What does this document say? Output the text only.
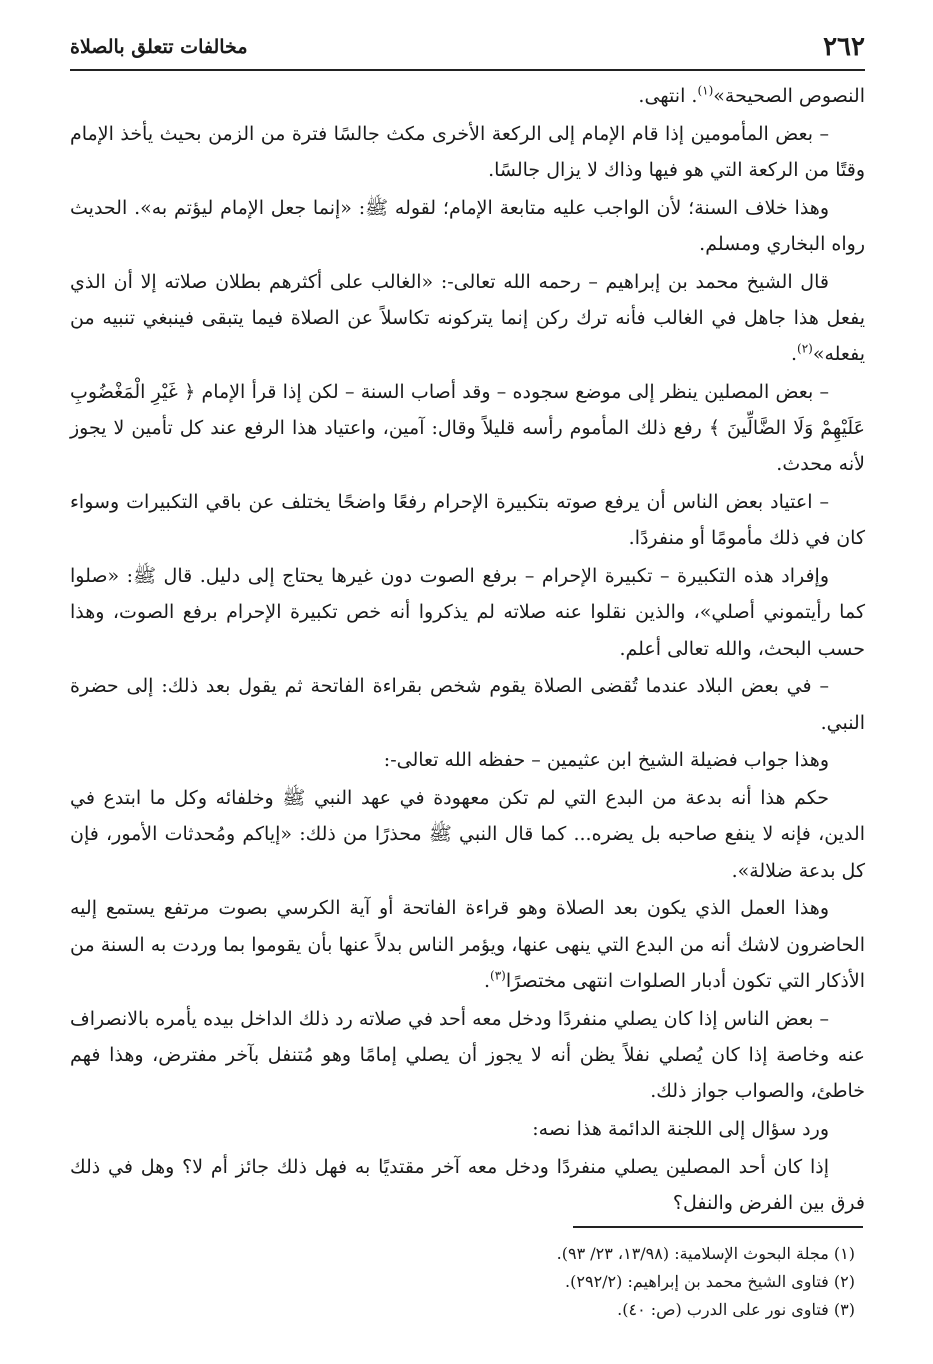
٢٦٢
مخالفات تتعلق بالصلاة

النصوص الصحيحة»$^{(١)}$. انتهى.

– بعض المأمومين إذا قام الإمام إلى الركعة الأخرى مكث جالسًا فترة من الزمن بحيث يأخذ الإمام وقتًا من الركعة التي هو فيها وذاك لا يزال جالسًا.

وهذا خلاف السنة؛ لأن الواجب عليه متابعة الإمام؛ لقوله ﷺ: «إنما جعل الإمام ليؤتم به». الحديث رواه البخاري ومسلم.

قال الشيخ محمد بن إبراهيم – رحمه الله تعالى-: «الغالب على أكثرهم بطلان صلاته إلا أن الذي يفعل هذا جاهل في الغالب فأنه ترك ركن إنما يتركونه تكاسلاً عن الصلاة فيما يتبقى فينبغي تنبيه من يفعله»$^{(٢)}$.

– بعض المصلين ينظر إلى موضع سجوده – وقد أصاب السنة – لكن إذا قرأ الإمام ﴿ غَيْرِ الْمَغْضُوبِ عَلَيْهِمْ وَلَا الضَّالِّينَ ﴾ رفع ذلك المأموم رأسه قليلاً وقال: آمين، واعتياد هذا الرفع عند كل تأمين لا يجوز لأنه محدث.

– اعتياد بعض الناس أن يرفع صوته بتكبيرة الإحرام رفعًا واضحًا يختلف عن باقي التكبيرات وسواء كان في ذلك مأمومًا أو منفردًا.

وإفراد هذه التكبيرة – تكبيرة الإحرام – برفع الصوت دون غيرها يحتاج إلى دليل. قال ﷺ: «صلوا كما رأيتموني أصلي»، والذين نقلوا عنه صلاته لم يذكروا أنه خص تكبيرة الإحرام برفع الصوت، وهذا حسب البحث، والله تعالى أعلم.

– في بعض البلاد عندما تُقضى الصلاة يقوم شخص بقراءة الفاتحة ثم يقول بعد ذلك: إلى حضرة النبي.

وهذا جواب فضيلة الشيخ ابن عثيمين – حفظه الله تعالى-:

حكم هذا أنه بدعة من البدع التي لم تكن معهودة في عهد النبي ﷺ وخلفائه وكل ما ابتدع في الدين، فإنه لا ينفع صاحبه بل يضره... كما قال النبي ﷺ محذرًا من ذلك: «إياكم ومُحدثات الأمور، فإن كل بدعة ضلالة».

وهذا العمل الذي يكون بعد الصلاة وهو قراءة الفاتحة أو آية الكرسي بصوت مرتفع يستمع إليه الحاضرون لاشك أنه من البدع التي ينهى عنها، ويؤمر الناس بدلاً عنها بأن يقوموا بما وردت به السنة من الأذكار التي تكون أدبار الصلوات انتهى مختصرًا$^{(٣)}$.

– بعض الناس إذا كان يصلي منفردًا ودخل معه أحد في صلاته رد ذلك الداخل بيده يأمره بالانصراف عنه وخاصة إذا كان يُصلي نفلاً يظن أنه لا يجوز أن يصلي إمامًا وهو مُتنفل بآخر مفترض، وهذا فهم خاطئ، والصواب جواز ذلك.

ورد سؤال إلى اللجنة الدائمة هذا نصه:

إذا كان أحد المصلين يصلي منفردًا ودخل معه آخر مقتديًا به فهل ذلك جائز أم لا؟ وهل في ذلك فرق بين الفرض والنفل؟

(١) مجلة البحوث الإسلامية: (١٣/٩٨، ٢٣/ ٩٣).

(٢) فتاوى الشيخ محمد بن إبراهيم: (٢٩٢/٢).

(٣) فتاوى نور على الدرب (ص: ٤٠).
